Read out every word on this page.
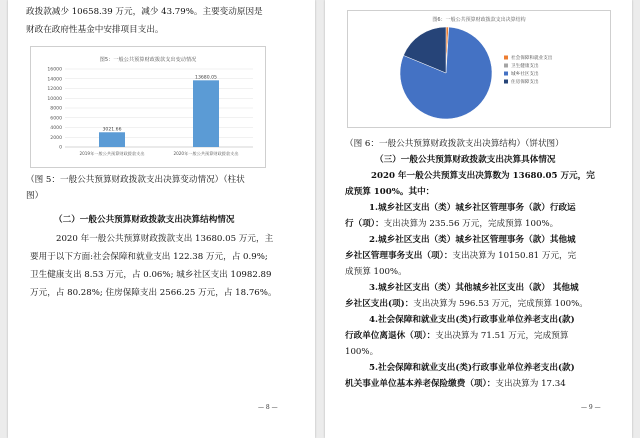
政拨款减少 10658.39 万元，减少 43.79%。主要变动原因是
财政在政府性基金中安排项目支出。
图5：一般公共预算财政拨款支出变动情况
0
2000
4000
6000
8000
10000
12000
14000
16000
3021.66
2019年一般公共预算财政拨款支出
13680.05
2020年一般公共预算财政拨款支出
（图 5：一般公共预算财政拨款支出决算变动情况）（柱状
图）
（二）一般公共预算财政拨款支出决算结构情况
2020 年一般公共预算财政拨款支出 13680.05 万元，主
要用于以下方面:社会保障和就业支出 122.38 万元，占 0.9%;
卫生健康支出 8.53 万元，占 0.06%; 城乡社区支出 10982.89
万元，占 80.28%; 住房保障支出 2566.25 万元，占 18.76%。
— 8 —
图6：一般公共预算财政拨款支出决算结构
社会保障和就业支出
卫生健康支出
城乡社区支出
住房保障支出
（图 6：一般公共预算财政拨款支出决算结构）（饼状图）
（三）一般公共预算财政拨款支出决算具体情况
2020 年一般公共预算支出决算数为 13680.05 万元，完
成预算 100%。其中：
1.城乡社区支出（类）城乡社区管理事务（款）行政运
行（项）：支出决算为 235.56 万元，完成预算 100%。
2.城乡社区支出（类）城乡社区管理事务（款）其他城
乡社区管理事务支出（项）：支出决算为 10150.81 万元，完
成预算 100%。
3.城乡社区支出（类）其他城乡社区支出（款） 其他城
乡社区支出(项)：支出决算为 596.53 万元，完成预算 100%。
4.社会保障和就业支出(类)行政事业单位养老支出(款)
行政单位离退休（项）：支出决算为 71.51 万元，完成预算
100%。
5.社会保障和就业支出(类)行政事业单位养老支出(款)
机关事业单位基本养老保险缴费（项）：支出决算为 17.34
— 9 —
